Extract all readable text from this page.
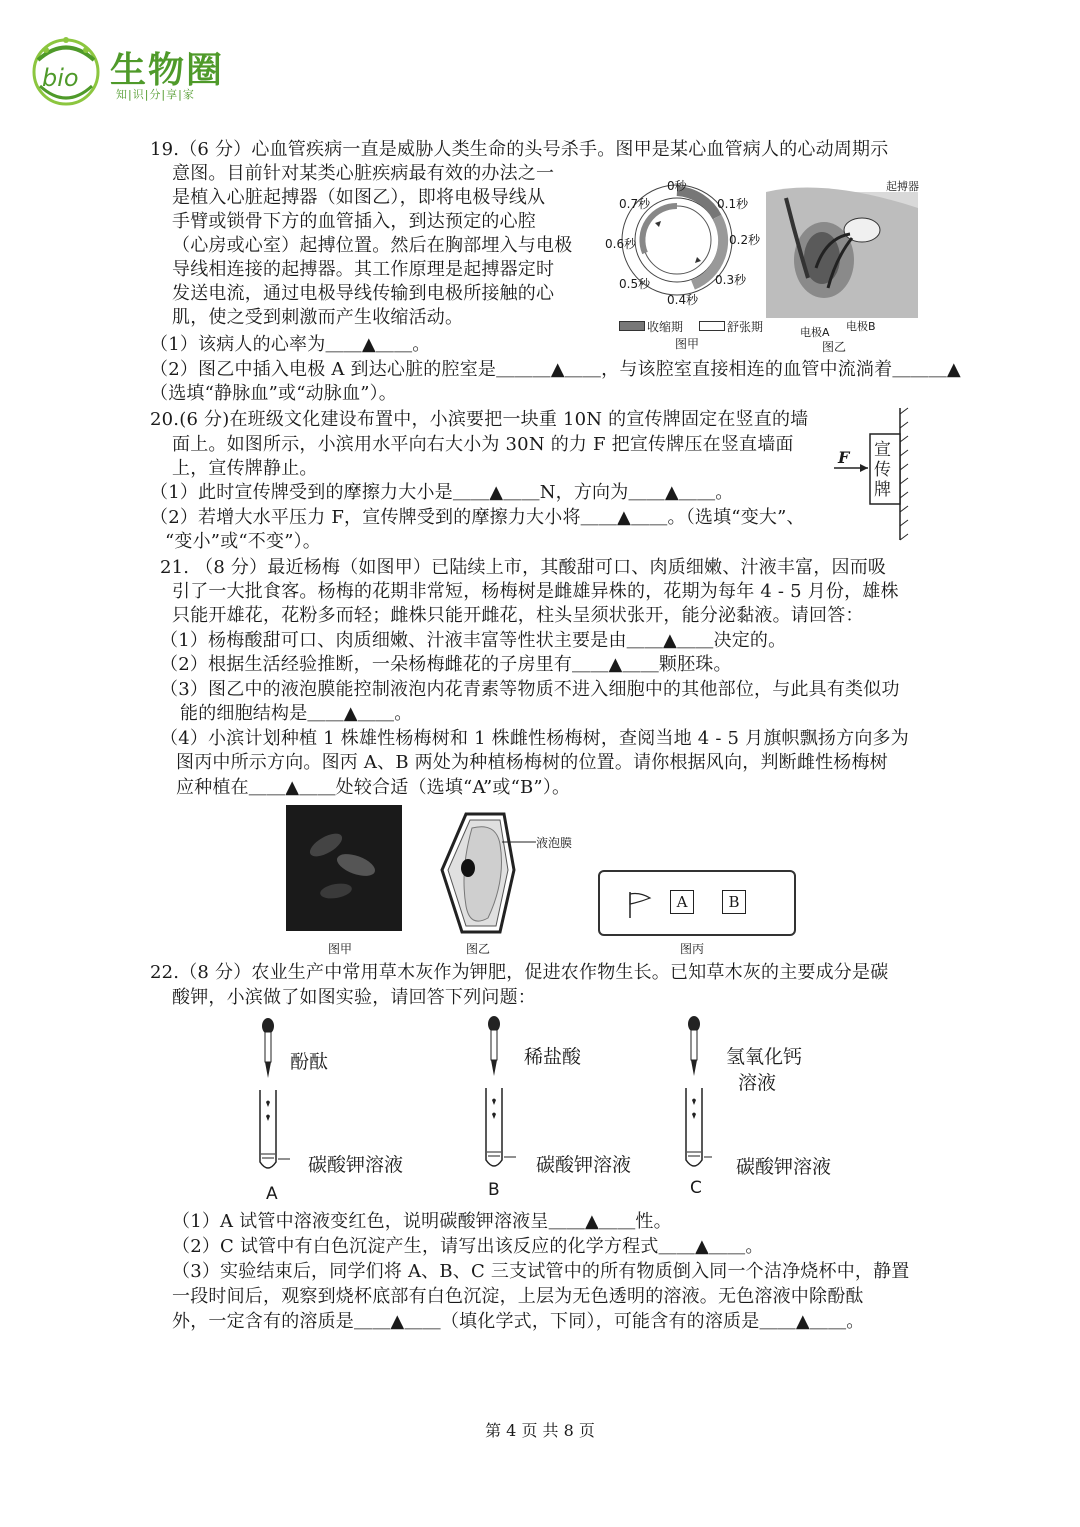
bio 生物圈
知|识|分|享|家
19.（6 分）心血管疾病一直是威胁人类生命的头号杀手。图甲是某心血管病人的心动周期示
意图。目前针对某类心脏疾病最有效的办法之一
是植入心脏起搏器（如图乙），即将电极导线从
手臂或锁骨下方的血管插入，到达预定的心腔
（心房或心室）起搏位置。然后在胸部埋入与电极
导线相连接的起搏器。其工作原理是起搏器定时
发送电流，通过电极导线传输到电极所接触的心
肌，使之受到刺激而产生收缩活动。
0秒
0.1秒
0.2秒
0.3秒
0.4秒
0.5秒
0.6秒
0.7秒
收缩期	舒张期
图甲
起搏器
电极A 电极B
图乙
（1）该病人的心率为＿＿▲＿＿。
（2）图乙中插入电极 A 到达心脏的腔室是＿＿＿▲＿＿，与该腔室直接相连的血管中流淌着＿＿＿▲
（选填“静脉血”或“动脉血”）。
20.(6 分)在班级文化建设布置中，小滨要把一块重 10N 的宣传牌固定在竖直的墙
面上。如图所示，小滨用水平向右大小为 30N 的力 F 把宣传牌压在竖直墙面
上，宣传牌静止。
（1）此时宣传牌受到的摩擦力大小是＿＿▲＿＿N，方向为＿＿▲＿＿。
（2）若增大水平压力 F，宣传牌受到的摩擦力大小将＿＿▲＿＿。（选填“变大”、
“变小”或“不变”）。
F 宣传牌
21. （8 分）最近杨梅（如图甲）已陆续上市，其酸甜可口、肉质细嫩、汁液丰富，因而吸
引了一大批食客。杨梅的花期非常短，杨梅树是雌雄异株的，花期为每年 4 - 5 月份，雄株
只能开雄花，花粉多而轻；雌株只能开雌花，柱头呈须状张开，能分泌黏液。请回答：
（1）杨梅酸甜可口、肉质细嫩、汁液丰富等性状主要是由＿＿▲＿＿决定的。
（2）根据生活经验推断，一朵杨梅雌花的子房里有＿＿▲＿＿颗胚珠。
（3）图乙中的液泡膜能控制液泡内花青素等物质不进入细胞中的其他部位，与此具有类似功
能的细胞结构是＿＿▲＿＿。
（4）小滨计划种植 1 株雄性杨梅树和 1 株雌性杨梅树，查阅当地 4 - 5 月旗帜飘扬方向多为
图丙中所示方向。图丙 A、B 两处为种植杨梅树的位置。请你根据风向，判断雌性杨梅树
应种植在＿＿▲＿＿处较合适（选填“A”或“B”）。
图甲
液泡膜
图乙
A	B
图丙
22.（8 分）农业生产中常用草木灰作为钾肥，促进农作物生长。已知草木灰的主要成分是碳
酸钾，小滨做了如图实验，请回答下列问题：
酚酞
碳酸钾溶液
A
稀盐酸
碳酸钾溶液
B
氢氧化钙
溶液
碳酸钾溶液
C
（1）A 试管中溶液变红色，说明碳酸钾溶液呈＿＿▲＿＿性。
（2）C 试管中有白色沉淀产生，请写出该反应的化学方程式＿＿▲＿＿。
（3）实验结束后，同学们将 A、B、C 三支试管中的所有物质倒入同一个洁净烧杯中，静置
一段时间后，观察到烧杯底部有白色沉淀，上层为无色透明的溶液。无色溶液中除酚酞
外，一定含有的溶质是＿＿▲＿＿（填化学式，下同），可能含有的溶质是＿＿▲＿＿。
第 4 页 共 8 页
